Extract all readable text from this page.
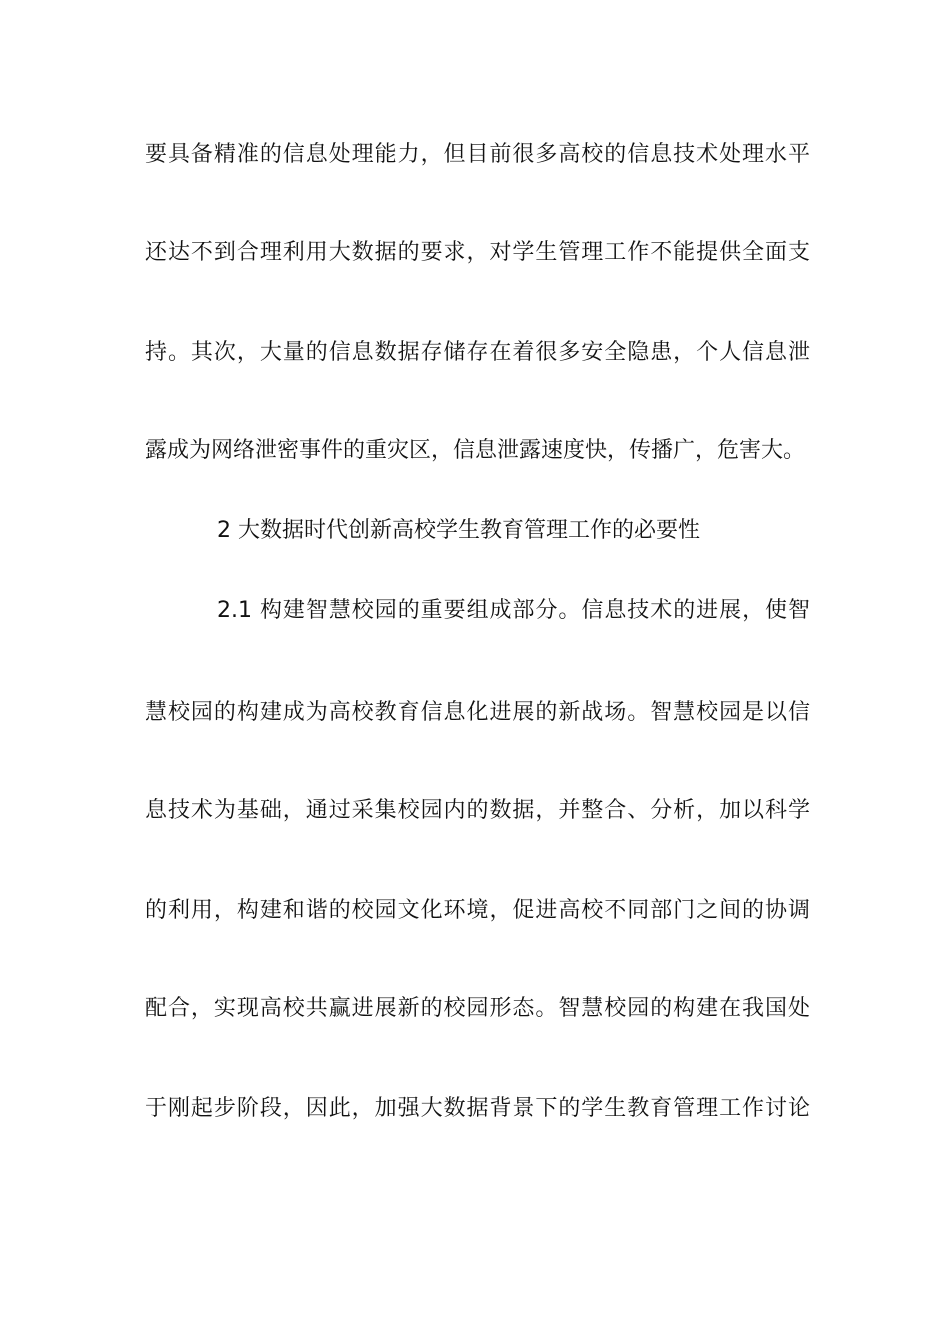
要具备精准的信息处理能力，但目前很多高校的信息技术处理水平
还达不到合理利用大数据的要求，对学生管理工作不能提供全面支
持。其次，大量的信息数据存储存在着很多安全隐患，个人信息泄
露成为网络泄密事件的重灾区，信息泄露速度快，传播广，危害大。
2 大数据时代创新高校学生教育管理工作的必要性
2.1 构建智慧校园的重要组成部分。信息技术的进展，使智
慧校园的构建成为高校教育信息化进展的新战场。智慧校园是以信
息技术为基础，通过采集校园内的数据，并整合、分析，加以科学
的利用，构建和谐的校园文化环境，促进高校不同部门之间的协调
配合，实现高校共赢进展新的校园形态。智慧校园的构建在我国处
于刚起步阶段，因此，加强大数据背景下的学生教育管理工作讨论
